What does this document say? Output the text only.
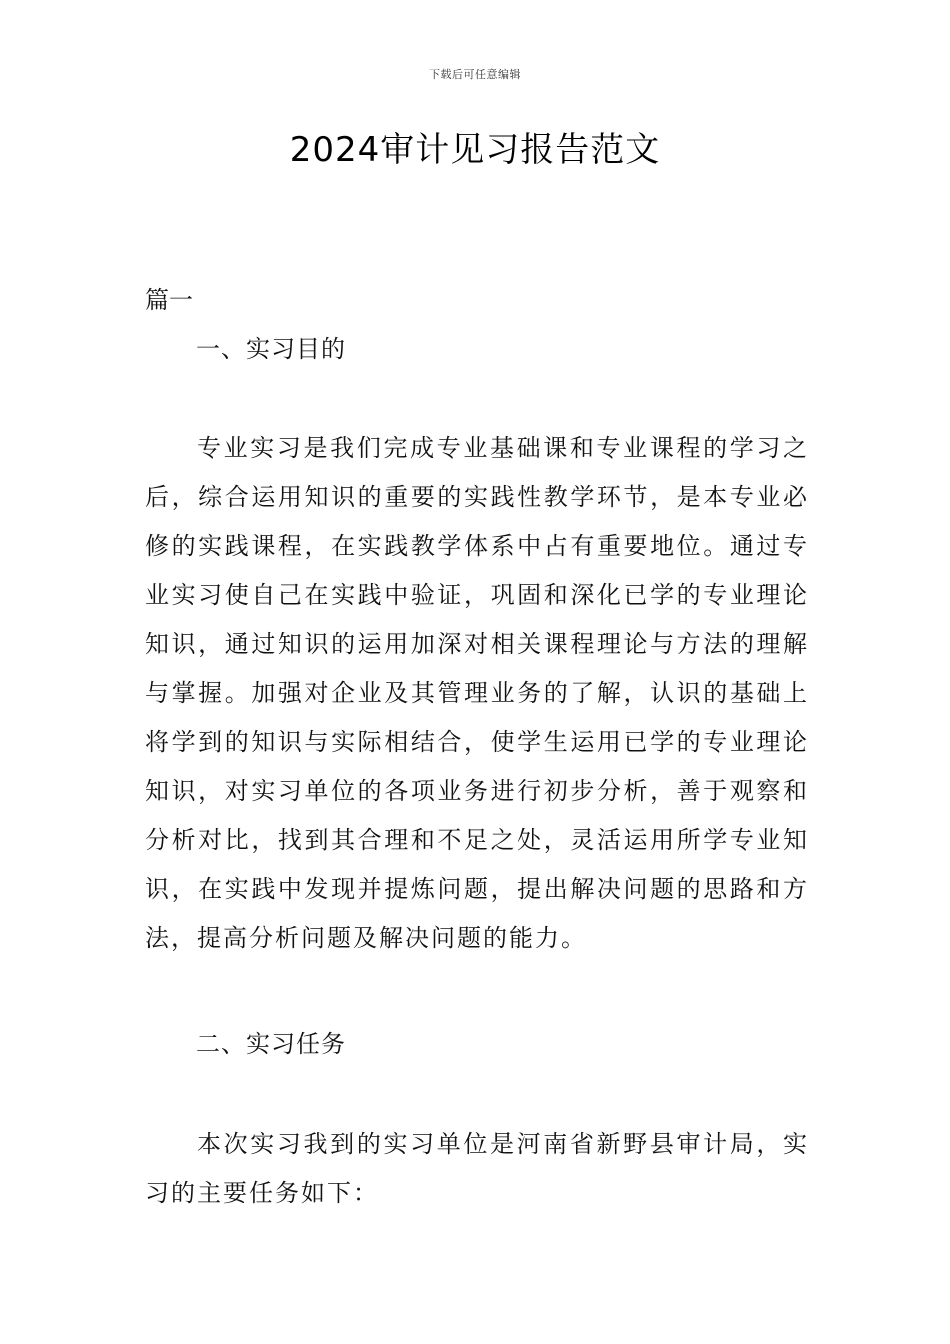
下载后可任意编辑
2024审计见习报告范文
篇一
一、实习目的

专业实习是我们完成专业基础课和专业课程的学习之后，综合运用知识的重要的实践性教学环节，是本专业必修的实践课程，在实践教学体系中占有重要地位。通过专业实习使自己在实践中验证，巩固和深化已学的专业理论知识，通过知识的运用加深对相关课程理论与方法的理解与掌握。加强对企业及其管理业务的了解，认识的基础上将学到的知识与实际相结合，使学生运用已学的专业理论知识，对实习单位的各项业务进行初步分析，善于观察和分析对比，找到其合理和不足之处，灵活运用所学专业知识，在实践中发现并提炼问题，提出解决问题的思路和方法，提高分析问题及解决问题的能力。

二、实习任务

本次实习我到的实习单位是河南省新野县审计局，实习的主要任务如下：
